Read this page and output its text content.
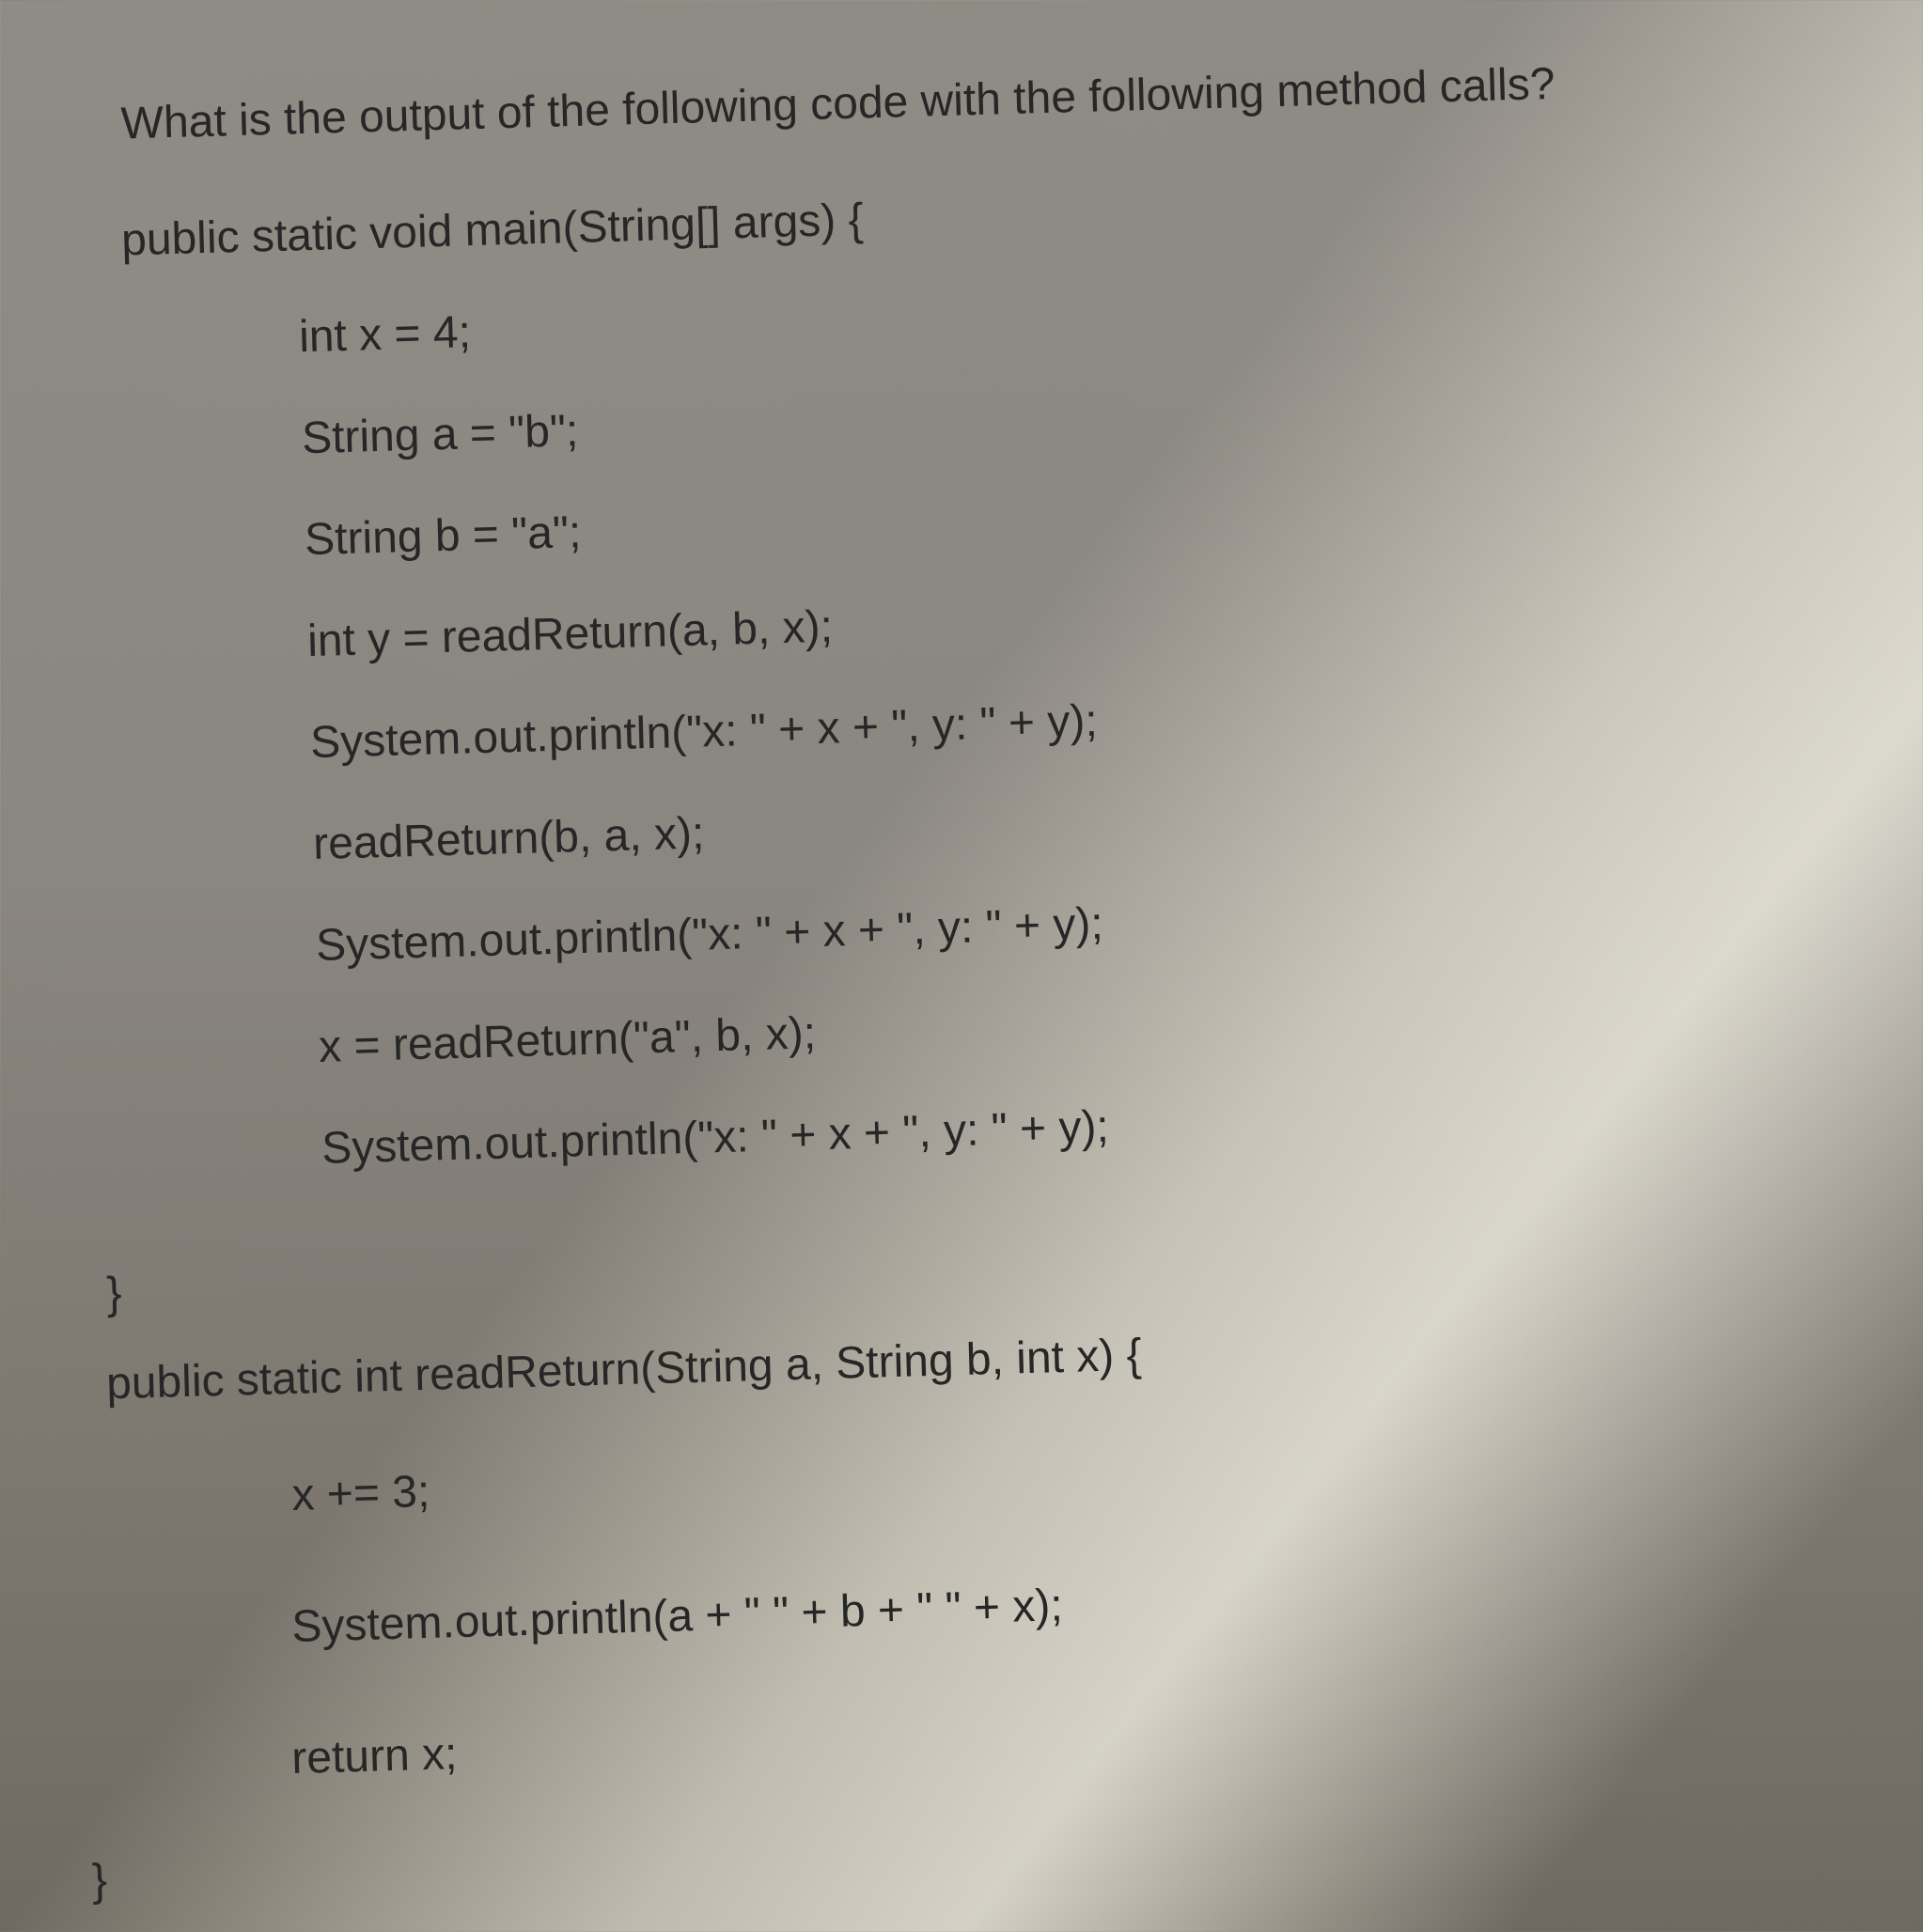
What is the output of the following code with the following method calls?
public static void main(String[] args) {
int x = 4;
String a = "b";
String b = "a";
int y = readReturn(a, b, x);
System.out.println("x: " + x + ", y: " + y);
readReturn(b, a, x);
System.out.println("x: " + x + ", y: " + y);
x = readReturn("a", b, x);
System.out.println("x: " + x + ", y: " + y);
}
public static int readReturn(String a, String b, int x) {
x += 3;
System.out.println(a + " " + b + " " + x);
return x;
}
